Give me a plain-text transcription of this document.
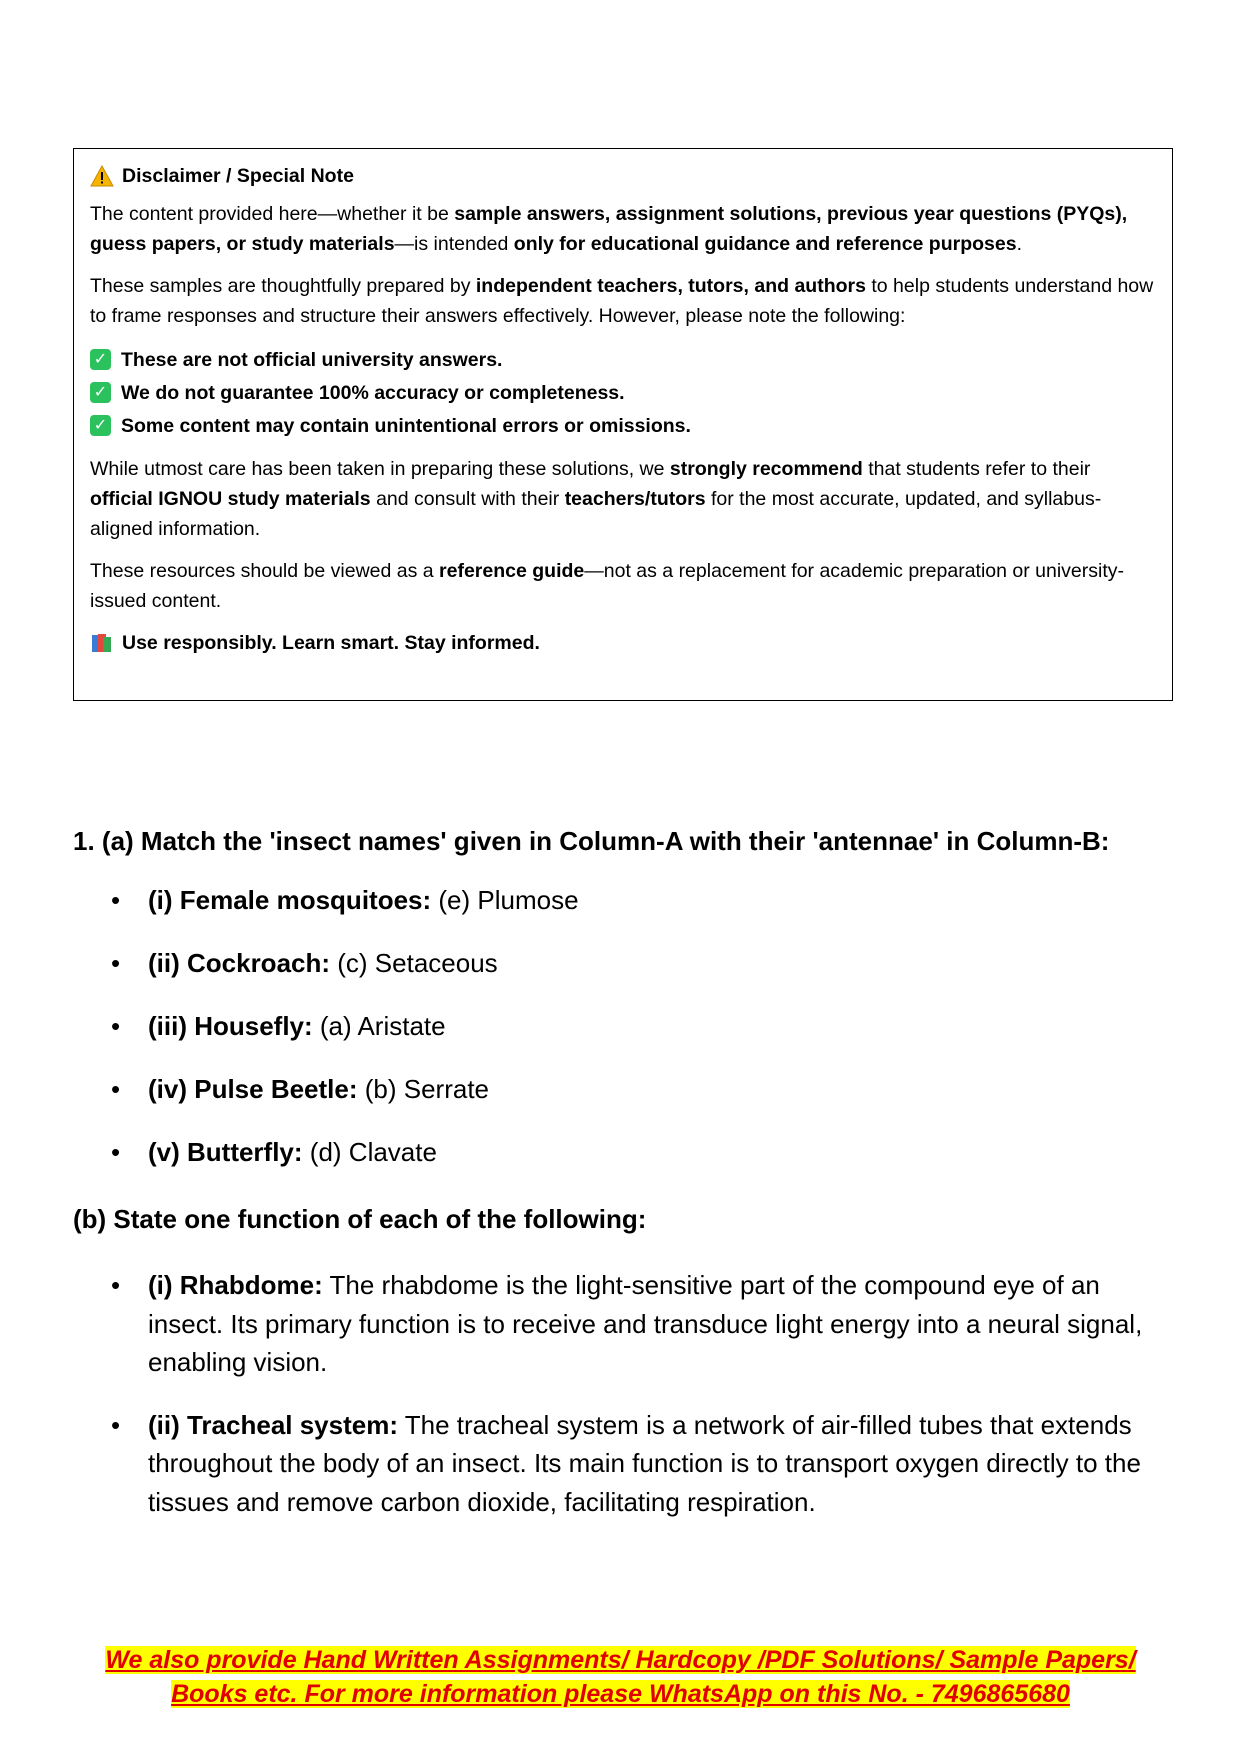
Disclaimer / Special Note

The content provided here—whether it be sample answers, assignment solutions, previous year questions (PYQs), guess papers, or study materials—is intended only for educational guidance and reference purposes.

These samples are thoughtfully prepared by independent teachers, tutors, and authors to help students understand how to frame responses and structure their answers effectively. However, please note the following:

✓ These are not official university answers.
✓ We do not guarantee 100% accuracy or completeness.
✓ Some content may contain unintentional errors or omissions.

While utmost care has been taken in preparing these solutions, we strongly recommend that students refer to their official IGNOU study materials and consult with their teachers/tutors for the most accurate, updated, and syllabus-aligned information.

These resources should be viewed as a reference guide—not as a replacement for academic preparation or university-issued content.

Use responsibly. Learn smart. Stay informed.

1. (a) Match the 'insect names' given in Column-A with their 'antennae' in Column-B:

• (i) Female mosquitoes: (e) Plumose
• (ii) Cockroach: (c) Setaceous
• (iii) Housefly: (a) Aristate
• (iv) Pulse Beetle: (b) Serrate
• (v) Butterfly: (d) Clavate

(b) State one function of each of the following:

• (i) Rhabdome: The rhabdome is the light-sensitive part of the compound eye of an insect. Its primary function is to receive and transduce light energy into a neural signal, enabling vision.
• (ii) Tracheal system: The tracheal system is a network of air-filled tubes that extends throughout the body of an insect. Its main function is to transport oxygen directly to the tissues and remove carbon dioxide, facilitating respiration.
We also provide Hand Written Assignments/ Hardcopy /PDF Solutions/ Sample Papers/
Books etc. For more information please WhatsApp on this No. - 7496865680
